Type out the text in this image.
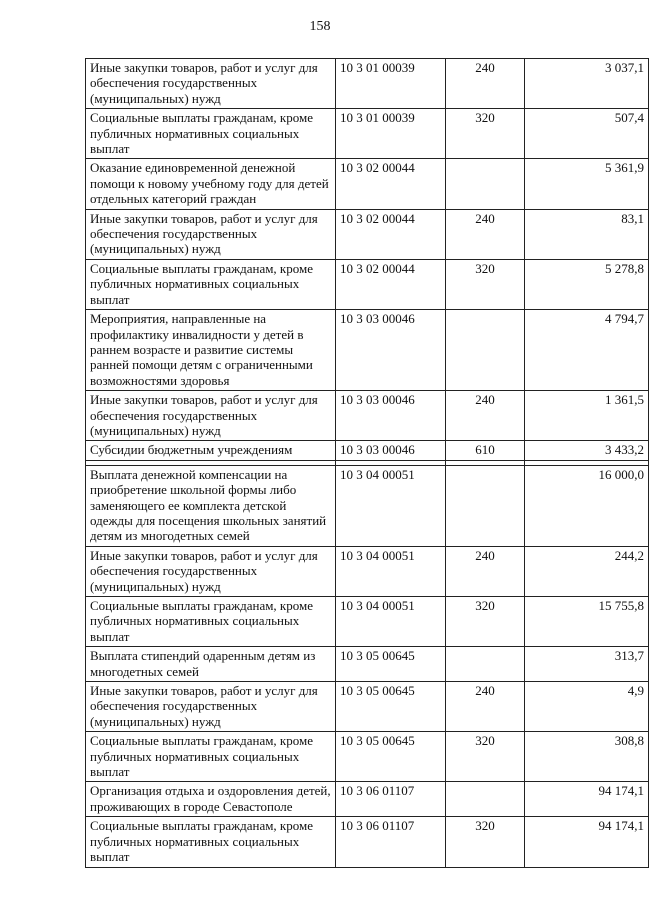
158
Иные закупки товаров, работ и услуг для обеспечения государственных (муниципальных) нужд	10 3 01 00039	240	3 037,1
Социальные выплаты гражданам, кроме публичных нормативных социальных выплат	10 3 01 00039	320	507,4
Оказание единовременной денежной помощи к новому учебному году для детей отдельных категорий граждан	10 3 02 00044		5 361,9
Иные закупки товаров, работ и услуг для обеспечения государственных (муниципальных) нужд	10 3 02 00044	240	83,1
Социальные выплаты гражданам, кроме публичных нормативных социальных выплат	10 3 02 00044	320	5 278,8
Мероприятия, направленные на профилактику инвалидности у детей в раннем возрасте и развитие системы ранней помощи детям с ограниченными возможностями здоровья	10 3 03 00046		4 794,7
Иные закупки товаров, работ и услуг для обеспечения государственных (муниципальных) нужд	10 3 03 00046	240	1 361,5
Субсидии бюджетным учреждениям	10 3 03 00046	610	3 433,2

Выплата денежной компенсации на приобретение школьной формы либо заменяющего ее комплекта детской одежды для посещения школьных занятий детям из многодетных семей	10 3 04 00051		16 000,0
Иные закупки товаров, работ и услуг для обеспечения государственных (муниципальных) нужд	10 3 04 00051	240	244,2
Социальные выплаты гражданам, кроме публичных нормативных социальных выплат	10 3 04 00051	320	15 755,8
Выплата стипендий одаренным детям из многодетных семей	10 3 05 00645		313,7
Иные закупки товаров, работ и услуг для обеспечения государственных (муниципальных) нужд	10 3 05 00645	240	4,9
Социальные выплаты гражданам, кроме публичных нормативных социальных выплат	10 3 05 00645	320	308,8
Организация отдыха и оздоровления детей, проживающих в городе Севастополе	10 3 06 01107		94 174,1
Социальные выплаты гражданам, кроме публичных нормативных социальных выплат	10 3 06 01107	320	94 174,1
